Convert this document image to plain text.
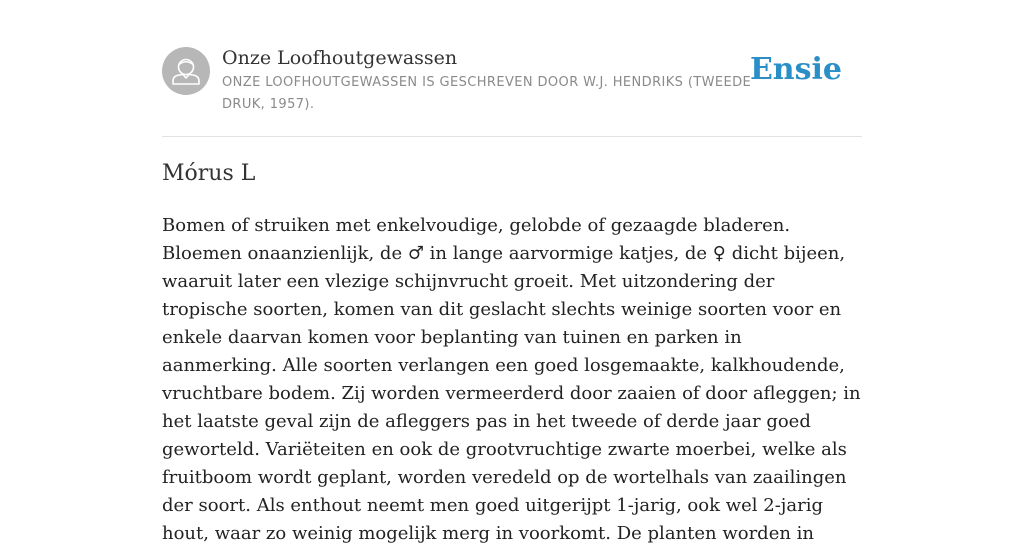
Onze Loofhoutgewassen
ONZE LOOFHOUTGEWASSEN IS GESCHREVEN DOOR W.J. HENDRIKS (TWEEDE DRUK, 1957).
Ensie
Mórus L

Bomen of struiken met enkelvoudige, gelobde of gezaagde bladeren. Bloemen onaanzienlijk, de ♂ in lange aarvormige katjes, de ♀ dicht bijeen, waaruit later een vlezige schijnvrucht groeit. Met uitzondering der tropische soorten, komen van dit geslacht slechts weinige soorten voor en enkele daarvan komen voor beplanting van tuinen en parken in aanmerking. Alle soorten verlangen een goed losgemaakte, kalkhoudende, vruchtbare bodem. Zij worden vermeerderd door zaaien of door afleggen; in het laatste geval zijn de afleggers pas in het tweede of derde jaar goed geworteld. Variëteiten en ook de grootvruchtige zwarte moerbei, welke als fruitboom wordt geplant, worden veredeld op de wortelhals van zaailingen der soort. Als enthout neemt men goed uitgerijpt 1-jarig, ook wel 2-jarig hout, waar zo weinig mogelijk merg in voorkomt. De planten worden in
